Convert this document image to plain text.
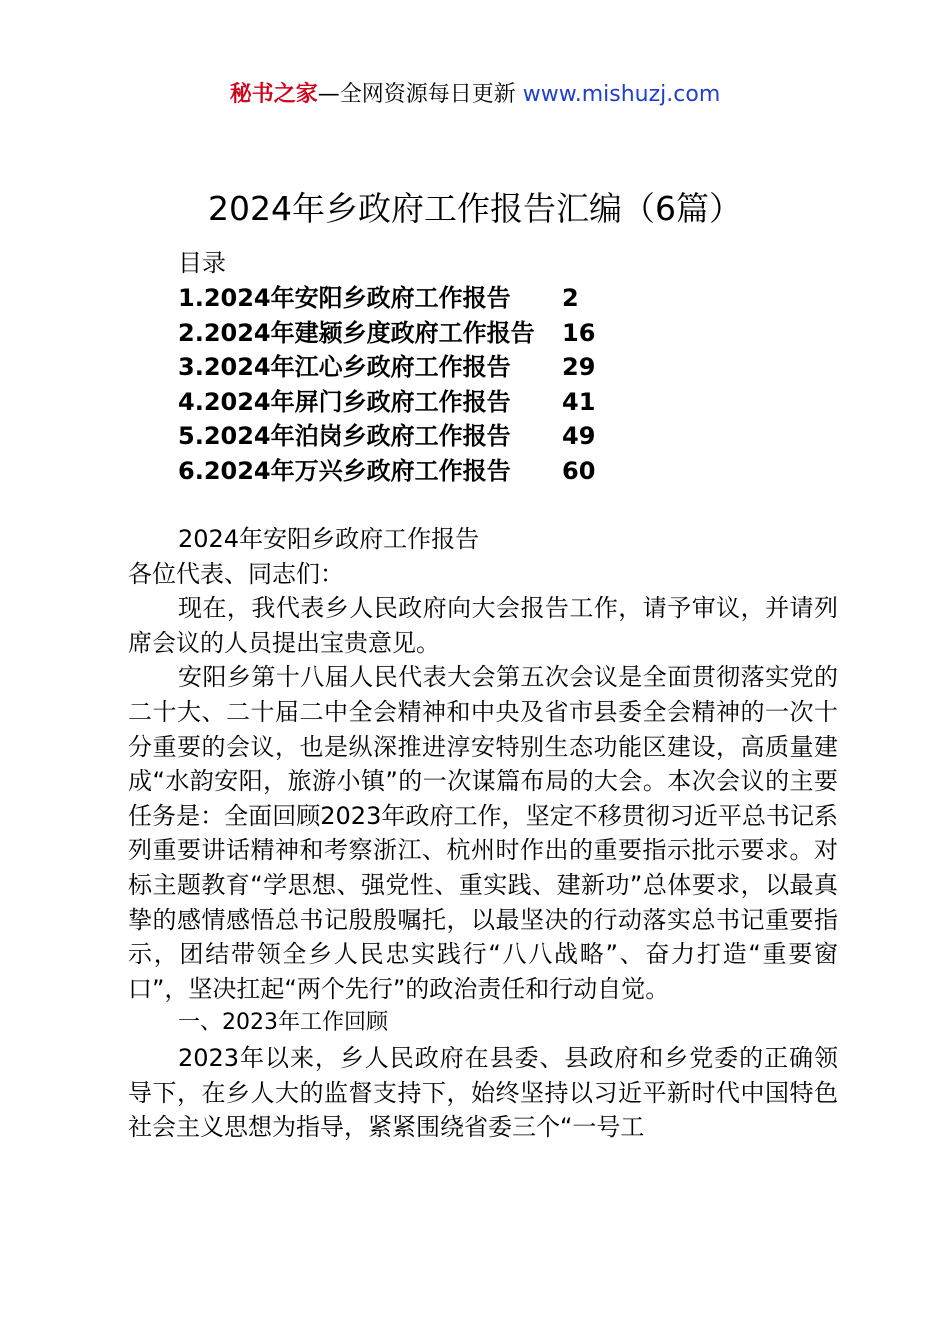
秘书之家—全网资源每日更新 www.mishuzj.com
2024年乡政府工作报告汇编（6篇）
目录
1.2024年安阳乡政府工作报告	2
2.2024年建颍乡度政府工作报告	16
3.2024年江心乡政府工作报告	29
4.2024年屏门乡政府工作报告	41
5.2024年泊岗乡政府工作报告	49
6.2024年万兴乡政府工作报告	60

2024年安阳乡政府工作报告

各位代表、同志们：

现在，我代表乡人民政府向大会报告工作，请予审议，并请列席会议的人员提出宝贵意见。

安阳乡第十八届人民代表大会第五次会议是全面贯彻落实党的二十大、二十届二中全会精神和中央及省市县委全会精神的一次十分重要的会议，也是纵深推进淳安特别生态功能区建设，高质量建成“水韵安阳，旅游小镇”的一次谋篇布局的大会。本次会议的主要任务是：全面回顾2023年政府工作，坚定不移贯彻习近平总书记系列重要讲话精神和考察浙江、杭州时作出的重要指示批示要求。对标主题教育“学思想、强党性、重实践、建新功”总体要求，以最真挚的感情感悟总书记殷殷嘱托，以最坚决的行动落实总书记重要指示，团结带领全乡人民忠实践行“八八战略”、奋力打造“重要窗口”，坚决扛起“两个先行”的政治责任和行动自觉。

一、2023年工作回顾

2023年以来，乡人民政府在县委、县政府和乡党委的正确领导下，在乡人大的监督支持下，始终坚持以习近平新时代中国特色社会主义思想为指导，紧紧围绕省委三个“一号工
